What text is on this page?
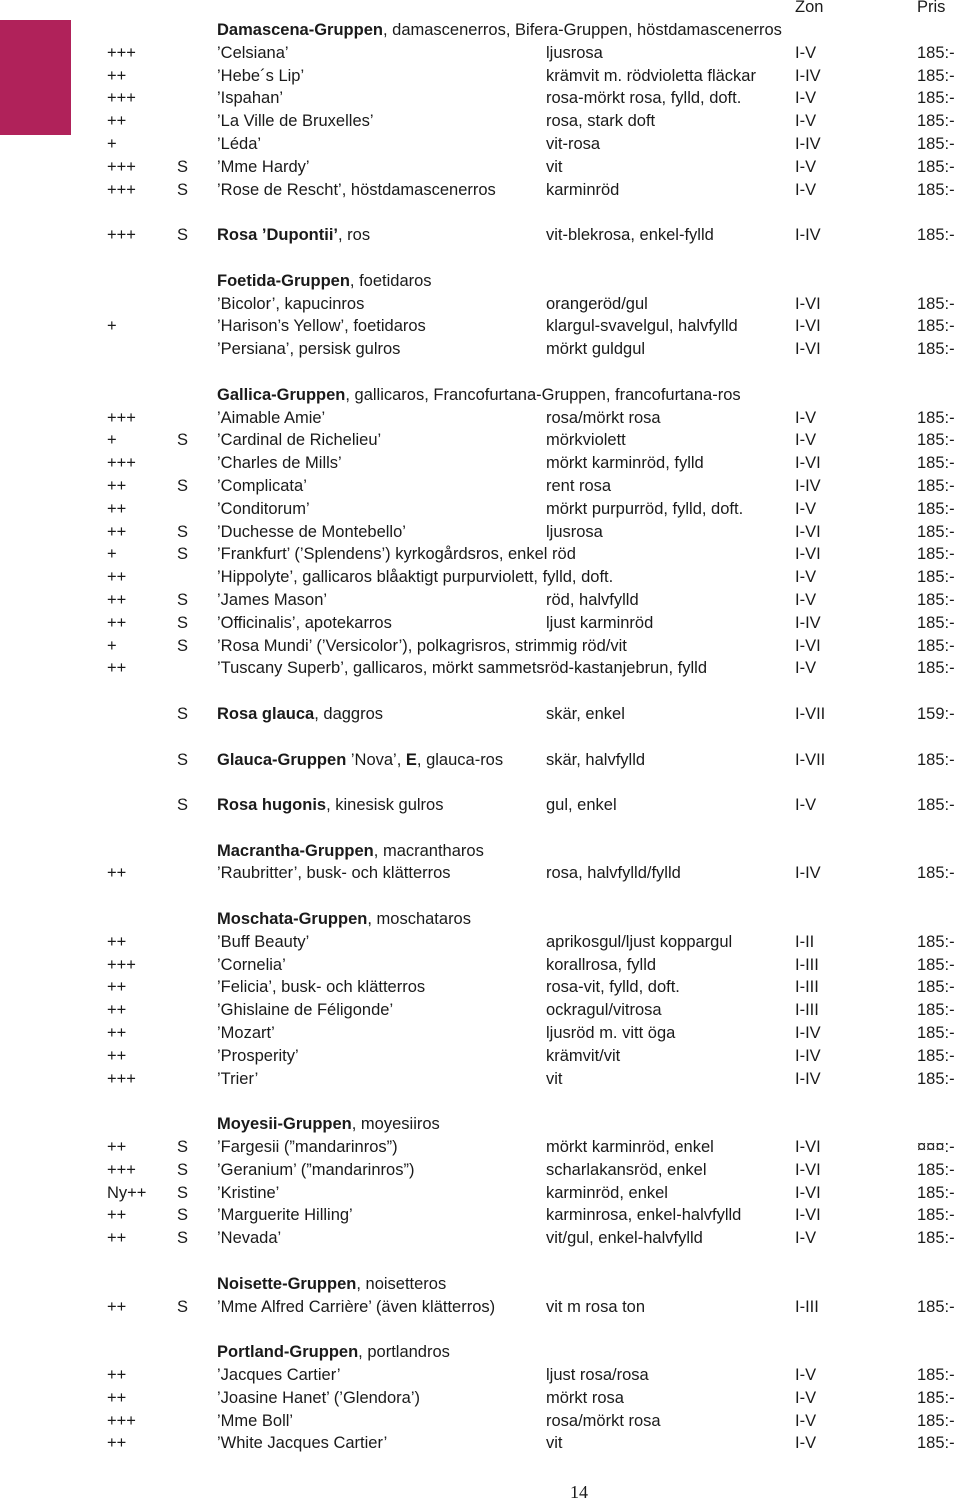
Zon	Pris
Damascena-Gruppen, damascenerros, Bifera-Gruppen, höstdamascenerros
+++	’Celsiana’	ljusrosa	I-V	185:-
++	’Hebe´s Lip’	krämvit m. rödvioletta fläckar I-IV	185:-
+++	’Ispahan’	rosa-mörkt rosa, fylld, doft.	I-V	185:-
++	’La Ville de Bruxelles’	rosa, stark doft	I-V	185:-
+	’Léda’	vit-rosa	I-IV	185:-
+++ S ’Mme Hardy’	vit	I-V	185:-
+++ S ’Rose de Rescht’, höstdamascenerros	karminröd	I-V	185:-
+++ S Rosa ’Dupontii’, ros	vit-blekrosa, enkel-fylld	I-IV	185:-
Foetida-Gruppen, foetidaros
’Bicolor’, kapucinros	orangeröd/gul	I-VI	185:-
+	’Harison’s Yellow’, foetidaros	klargul-svavelgul, halvfylld	I-VI	185:-
’Persiana’, persisk gulros	mörkt guldgul	I-VI	185:-
Gallica-Gruppen, gallicaros, Francofurtana-Gruppen, francofurtana-ros
+++	’Aimable Amie’	rosa/mörkt rosa	I-V	185:-
+	S ’Cardinal de Richelieu’	mörkviolett	I-V	185:-
+++	’Charles de Mills’	mörkt karminröd, fylld	I-VI	185:-
++	S ’Complicata’	rent rosa	I-IV	185:-
++	’Conditorum’	mörkt purpurröd, fylld, doft.	I-V	185:-
++	S ’Duchesse de Montebello’	ljusrosa	I-VI	185:-
+	S ’Frankfurt’ (’Splendens’) kyrkogårdsros, enkel röd	I-VI	185:-
++	’Hippolyte’, gallicaros blåaktigt purpurviolett, fylld, doft.	I-V	185:-
++	S ’James Mason’	röd, halvfylld	I-V	185:-
++	S ’Officinalis’, apotekarros	ljust karminröd	I-IV	185:-
+	S ’Rosa Mundi’ (’Versicolor’), polkagrisros, strimmig röd/vit	I-VI	185:-
++	’Tuscany Superb’, gallicaros, mörkt sammetsröd-kastanjebrun, fylld	I-V	185:-
S Rosa glauca, daggros	skär, enkel	I-VII	159:-
S Glauca-Gruppen ’Nova’, E, glauca-ros	skär, halvfylld	I-VII	185:-
S Rosa hugonis, kinesisk gulros	gul, enkel	I-V	185:-
Macrantha-Gruppen, macrantharos
++	’Raubritter’, busk- och klätterros	rosa, halvfylld/fylld	I-IV	185:-
Moschata-Gruppen, moschataros
++	’Buff Beauty’	aprikosgul/ljust koppargul	I-II	185:-
+++	’Cornelia’	korallrosa, fylld	I-III	185:-
++	’Felicia’, busk- och klätterros	rosa-vit, fylld, doft.	I-III	185:-
++	’Ghislaine de Féligonde’	ockragul/vitrosa	I-III	185:-
++	’Mozart’	ljusröd m. vitt öga	I-IV	185:-
++	’Prosperity’	krämvit/vit	I-IV	185:-
+++	’Trier’	vit	I-IV	185:-
Moyesii-Gruppen, moyesiiros
++	S ’Fargesii (”mandarinros”)	mörkt karminröd, enkel	I-VI	¤¤¤:-
+++ S ’Geranium’ (”mandarinros”)	scharlakansröd, enkel	I-VI	185:-
Ny++ S ’Kristine’	karminröd, enkel	I-VI	185:-
++	S ’Marguerite Hilling’	karminrosa, enkel-halvfylld	I-VI	185:-
++	S ’Nevada’	vit/gul, enkel-halvfylld	I-V	185:-
Noisette-Gruppen, noisetteros
++	S ’Mme Alfred Carrière’ (även klätterros)	vit m rosa ton	I-III	185:-
Portland-Gruppen, portlandros
++	’Jacques Cartier’	ljust rosa/rosa	I-V	185:-
++	’Joasine Hanet’ (’Glendora’)	mörkt rosa	I-V	185:-
+++	’Mme Boll’	rosa/mörkt rosa	I-V	185:-
++	’White Jacques Cartier’	vit	I-V	185:-
14
